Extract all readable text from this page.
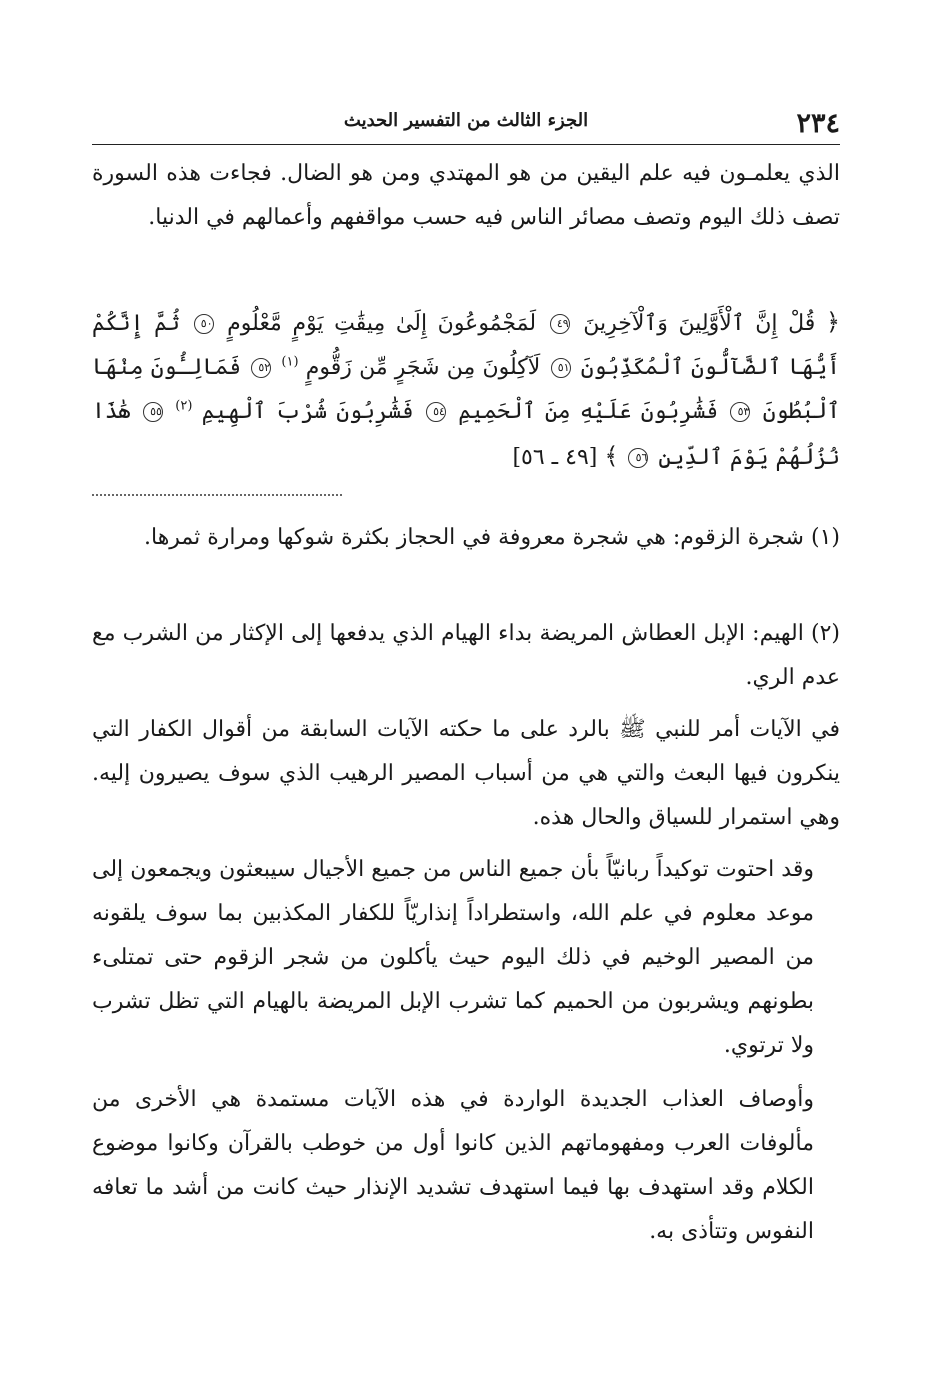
٢٣٤
الجزء الثالث من التفسير الحديث
الذي يعلمـون فيه علم اليقين من هو المهتدي ومن هو الضال. فجاءت هذه السورة تصف ذلك اليوم وتصف مصائر الناس فيه حسب مواقفهم وأعمالهم في الدنيا.
﴿ قُلْ إِنَّ ٱلْأَوَّلِينَ وَٱلْآخِرِينَ ٤٩ لَمَجْمُوعُونَ إِلَىٰ مِيقَٰتِ يَوْمٍ مَّعْلُومٍ ٥٠ ثُمَّ إِنَّكُمْ أَيُّهَا ٱلضَّآلُّونَ ٱلْمُكَذِّبُونَ ٥١ لَآكِلُونَ مِن شَجَرٍ مِّن زَقُّومٍ $^{(١)}$ ٥٢ فَمَالِـُٔونَ مِنْهَا ٱلْبُطُونَ ٥٣ فَشَٰرِبُونَ عَلَيْهِ مِنَ ٱلْحَمِيمِ ٥٤ فَشَٰرِبُونَ شُرْبَ ٱلْهِيمِ $^{(٢)}$ ٥٥ هَٰذَا نُزُلُهُمْ يَوْمَ ٱلدِّينِ ٥٦ ﴾ [٤٩ ـ ٥٦]
(١) شجرة الزقوم: هي شجرة معروفة في الحجاز بكثرة شوكها ومرارة ثمرها.
(٢) الهيم: الإبل العطاش المريضة بداء الهيام الذي يدفعها إلى الإكثار من الشرب مع عدم الري.
في الآيات أمر للنبي ﷺ بالرد على ما حكته الآيات السابقة من أقوال الكفار التي ينكرون فيها البعث والتي هي من أسباب المصير الرهيب الذي سوف يصيرون إليه. وهي استمرار للسياق والحال هذه.
وقد احتوت توكيداً ربانيّاً بأن جميع الناس من جميع الأجيال سيبعثون ويجمعون إلى موعد معلوم في علم الله، واستطراداً إنذاريّاً للكفار المكذبين بما سوف يلقونه من المصير الوخيم في ذلك اليوم حيث يأكلون من شجر الزقوم حتى تمتلىء بطونهم ويشربون من الحميم كما تشرب الإبل المريضة بالهيام التي تظل تشرب ولا ترتوي.
وأوصاف العذاب الجديدة الواردة في هذه الآيات مستمدة هي الأخرى من مألوفات العرب ومفهوماتهم الذين كانوا أول من خوطب بالقرآن وكانوا موضوع الكلام وقد استهدف بها فيما استهدف تشديد الإنذار حيث كانت من أشد ما تعافه النفوس وتتأذى به.
